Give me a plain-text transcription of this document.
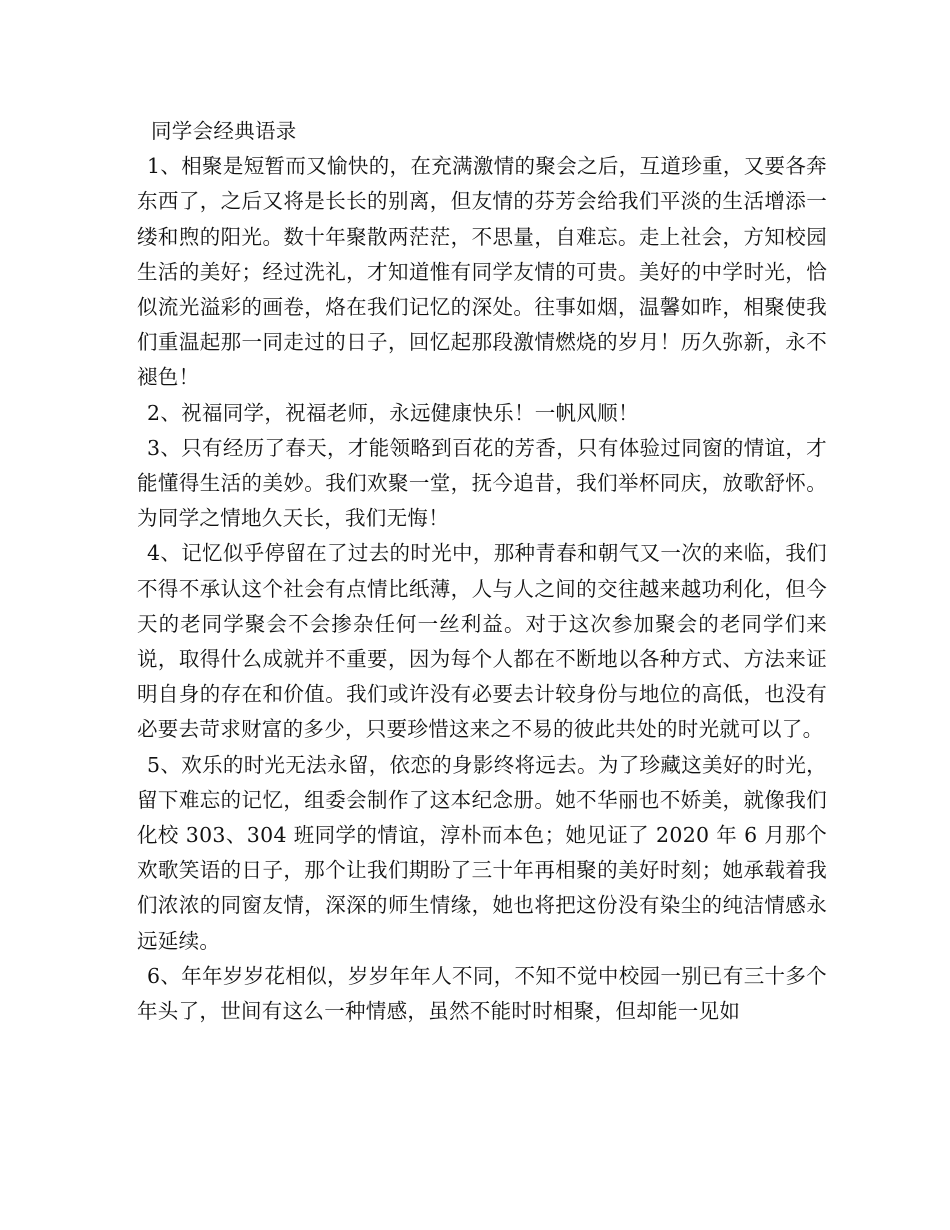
同学会经典语录

1、相聚是短暂而又愉快的，在充满激情的聚会之后，互道珍重，又要各奔东西了，之后又将是长长的别离，但友情的芬芳会给我们平淡的生活增添一缕和煦的阳光。数十年聚散两茫茫，不思量，自难忘。走上社会，方知校园生活的美好；经过洗礼，才知道惟有同学友情的可贵。美好的中学时光，恰似流光溢彩的画卷，烙在我们记忆的深处。往事如烟，温馨如昨，相聚使我们重温起那一同走过的日子，回忆起那段激情燃烧的岁月！历久弥新，永不褪色！

2、祝福同学，祝福老师，永远健康快乐！一帆风顺！

3、只有经历了春天，才能领略到百花的芳香，只有体验过同窗的情谊，才能懂得生活的美妙。我们欢聚一堂，抚今追昔，我们举杯同庆，放歌舒怀。为同学之情地久天长，我们无悔！

4、记忆似乎停留在了过去的时光中，那种青春和朝气又一次的来临，我们不得不承认这个社会有点情比纸薄，人与人之间的交往越来越功利化，但今天的老同学聚会不会掺杂任何一丝利益。对于这次参加聚会的老同学们来说，取得什么成就并不重要，因为每个人都在不断地以各种方式、方法来证明自身的存在和价值。我们或许没有必要去计较身份与地位的高低，也没有必要去苛求财富的多少，只要珍惜这来之不易的彼此共处的时光就可以了。

5、欢乐的时光无法永留，依恋的身影终将远去。为了珍藏这美好的时光，留下难忘的记忆，组委会制作了这本纪念册。她不华丽也不娇美，就像我们化校 303、304 班同学的情谊，淳朴而本色；她见证了 2020 年 6 月那个欢歌笑语的日子，那个让我们期盼了三十年再相聚的美好时刻；她承载着我们浓浓的同窗友情，深深的师生情缘，她也将把这份没有染尘的纯洁情感永远延续。

6、年年岁岁花相似，岁岁年年人不同，不知不觉中校园一别已有三十多个年头了，世间有这么一种情感，虽然不能时时相聚，但却能一见如
